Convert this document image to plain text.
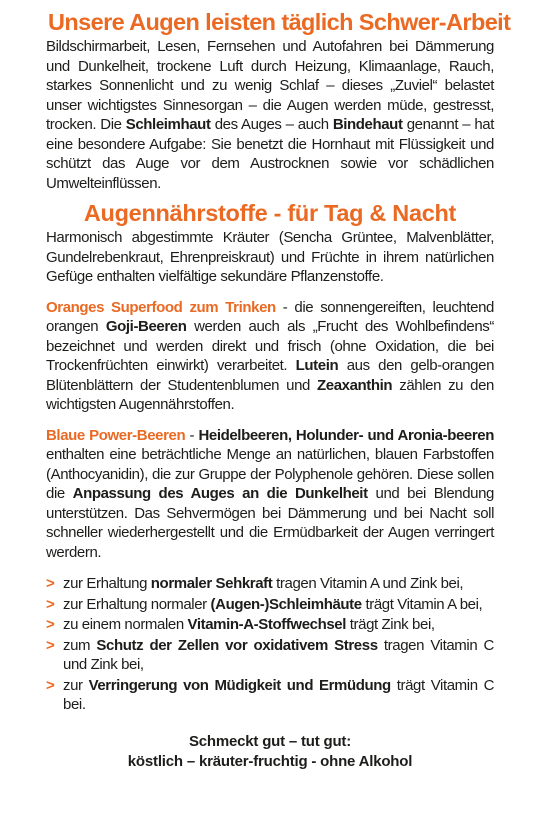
Unsere Augen leisten täglich Schwer-Arbeit

Bildschirmarbeit, Lesen, Fernsehen und Autofahren bei Dämmerung und Dunkelheit, trockene Luft durch Heizung, Klimaanlage, Rauch, starkes Sonnenlicht und zu wenig Schlaf – dieses „Zuviel“ belastet unser wichtigstes Sinnesorgan – die Augen werden müde, gestresst, trocken. Die Schleimhaut des Auges – auch Bindehaut genannt – hat eine besondere Aufgabe: Sie benetzt die Hornhaut mit Flüssigkeit und schützt das Auge vor dem Austrocknen sowie vor schädlichen Umwelteinflüssen.

Augennährstoffe - für Tag & Nacht

Harmonisch abgestimmte Kräuter (Sencha Grüntee, Malvenblätter, Gundelrebenkraut, Ehrenpreiskraut) und Früchte in ihrem natürlichen Gefüge enthalten vielfältige sekundäre Pflanzenstoffe.

Oranges Superfood zum Trinken - die sonnengereiften, leuchtend orangen Goji-Beeren werden auch als „Frucht des Wohlbefindens“ bezeichnet und werden direkt und frisch (ohne Oxidation, die bei Trockenfrüchten einwirkt) verarbeitet. Lutein aus den gelb-orangen Blütenblättern der Studentenblumen und Zeaxanthin zählen zu den wichtigsten Augennährstoffen.

Blaue Power-Beeren - Heidelbeeren, Holunder- und Aronia-beeren enthalten eine beträchtliche Menge an natürlichen, blauen Farbstoffen (Anthocyanidin), die zur Gruppe der Polyphenole gehören. Diese sollen die Anpassung des Auges an die Dunkelheit und bei Blendung unterstützen. Das Sehvermögen bei Dämmerung und bei Nacht soll schneller wiederhergestellt und die Ermüdbarkeit der Augen verringert werdern.

> zur Erhaltung normaler Sehkraft tragen Vitamin A und Zink bei,
> zur Erhaltung normaler (Augen-)Schleimhäute trägt Vitamin A bei,
> zu einem normalen Vitamin-A-Stoffwechsel trägt Zink bei,
> zum Schutz der Zellen vor oxidativem Stress tragen Vitamin C und Zink bei,
> zur Verringerung von Müdigkeit und Ermüdung trägt Vitamin C bei.
Schmeckt gut – tut gut:
köstlich – kräuter-fruchtig - ohne Alkohol
